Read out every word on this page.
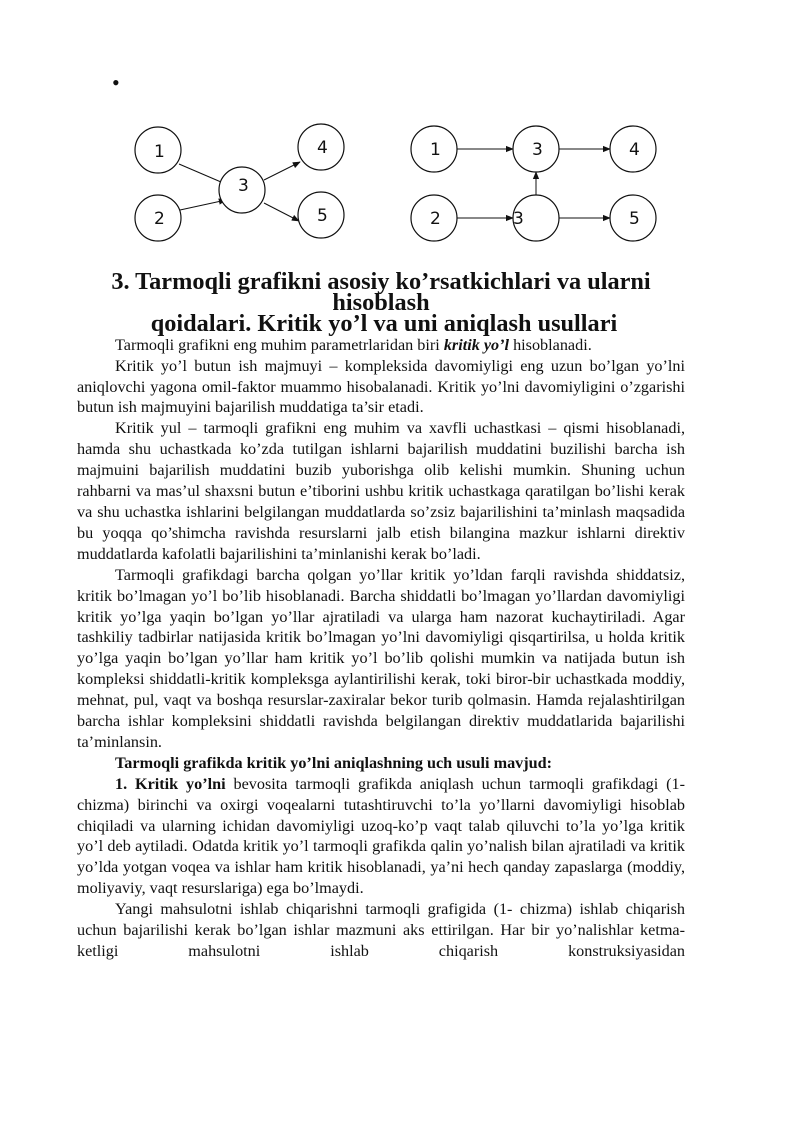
•
1
2
3
4
5
1	3	4
2	3	5
3. Tarmoqli grafikni asosiy ko’rsatkichlari va ularni hisoblash
qoidalari. Kritik yo’l va uni aniqlash usullari

Tarmoqli grafikni eng muhim parametrlaridan biri kritik yo’l hisoblanadi.

Kritik yo’l butun ish majmuyi – kompleksida davomiyligi eng uzun bo’lgan yo’lni aniqlovchi yagona omil-faktor muammo hisobalanadi. Kritik yo’lni davomiyligini o’zgarishi butun ish majmuyini bajarilish muddatiga ta’sir etadi.

Kritik yul – tarmoqli grafikni eng muhim va xavfli uchastkasi – qismi hisoblanadi, hamda shu uchastkada ko’zda tutilgan ishlarni bajarilish muddatini buzilishi barcha ish majmuini bajarilish muddatini buzib yuborishga olib kelishi mumkin. Shuning uchun rahbarni va mas’ul shaxsni butun e’tiborini ushbu kritik uchastkaga qaratilgan bo’lishi kerak va shu uchastka ishlarini belgilangan muddatlarda so’zsiz bajarilishini ta’minlash maqsadida bu yoqqa qo’shimcha ravishda resurslarni jalb etish bilangina mazkur ishlarni direktiv muddatlarda kafolatli bajarilishini ta’minlanishi kerak bo’ladi.

Tarmoqli grafikdagi barcha qolgan yo’llar kritik yo’ldan farqli ravishda shiddatsiz, kritik bo’lmagan yo’l bo’lib hisoblanadi. Barcha shiddatli bo’lmagan yo’llardan davomiyligi kritik yo’lga yaqin bo’lgan yo’llar ajratiladi va ularga ham nazorat kuchaytiriladi. Agar tashkiliy tadbirlar natijasida kritik bo’lmagan yo’lni davomiyligi qisqartirilsa, u holda kritik yo’lga yaqin bo’lgan yo’llar ham kritik yo’l bo’lib qolishi mumkin va natijada butun ish kompleksi shiddatli-kritik kompleksga aylantirilishi kerak, toki biror-bir uchastkada moddiy, mehnat, pul, vaqt va boshqa resurslar-zaxiralar bekor turib qolmasin. Hamda rejalashtirilgan barcha ishlar kompleksini shiddatli ravishda belgilangan direktiv muddatlarida bajarilishi ta’minlansin.

Tarmoqli grafikda kritik yo’lni aniqlashning uch usuli mavjud:

1. Kritik yo’lni bevosita tarmoqli grafikda aniqlash uchun tarmoqli grafikdagi (1-chizma) birinchi va oxirgi voqealarni tutashtiruvchi to’la yo’llarni davomiyligi hisoblab chiqiladi va ularning ichidan davomiyligi uzoq-ko’p vaqt talab qiluvchi to’la yo’lga kritik yo’l deb aytiladi. Odatda kritik yo’l tarmoqli grafikda qalin yo’nalish bilan ajratiladi va kritik yo’lda yotgan voqea va ishlar ham kritik hisoblanadi, ya’ni hech qanday zapaslarga (moddiy, moliyaviy, vaqt resurslariga) ega bo’lmaydi.

Yangi mahsulotni ishlab chiqarishni tarmoqli grafigida (1- chizma) ishlab chiqarish uchun bajarilishi kerak bo’lgan ishlar mazmuni aks ettirilgan. Har bir yo’nalishlar ketma-ketligi mahsulotni ishlab chiqarish konstruksiyasidan
